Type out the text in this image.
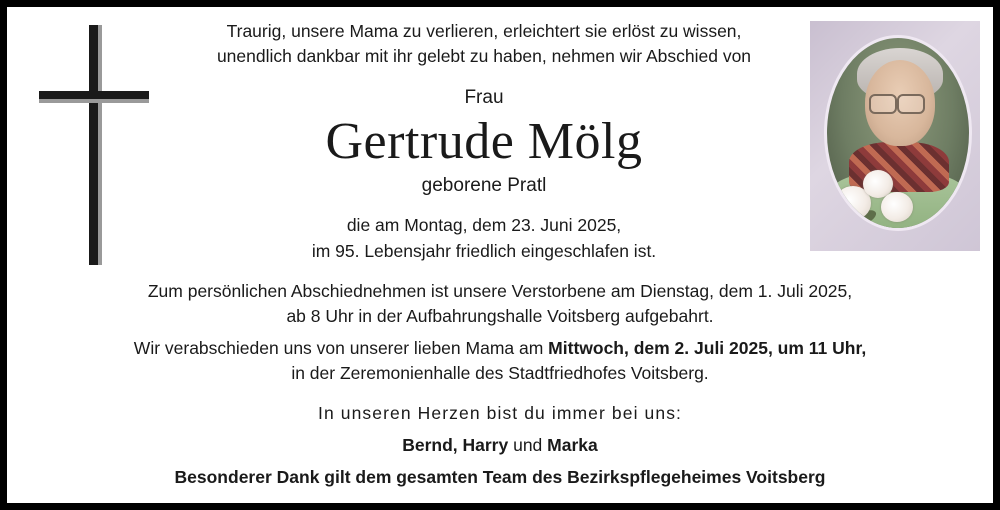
Traurig, unsere Mama zu verlieren, erleichtert sie erlöst zu wissen,
unendlich dankbar mit ihr gelebt zu haben, nehmen wir Abschied von
Frau
Gertrude Mölg
geborene Pratl
die am Montag, dem 23. Juni 2025,
im 95. Lebensjahr friedlich eingeschlafen ist.
Zum persönlichen Abschiednehmen ist unsere Verstorbene am Dienstag, dem 1. Juli 2025,
ab 8 Uhr in der Aufbahrungshalle Voitsberg aufgebahrt.
Wir verabschieden uns von unserer lieben Mama am Mittwoch, dem 2. Juli 2025, um 11 Uhr,
in der Zeremonienhalle des Stadtfriedhofes Voitsberg.
In unseren Herzen bist du immer bei uns:
Bernd, Harry und Marka
Besonderer Dank gilt dem gesamten Team des Bezirkspflegeheimes Voitsberg
